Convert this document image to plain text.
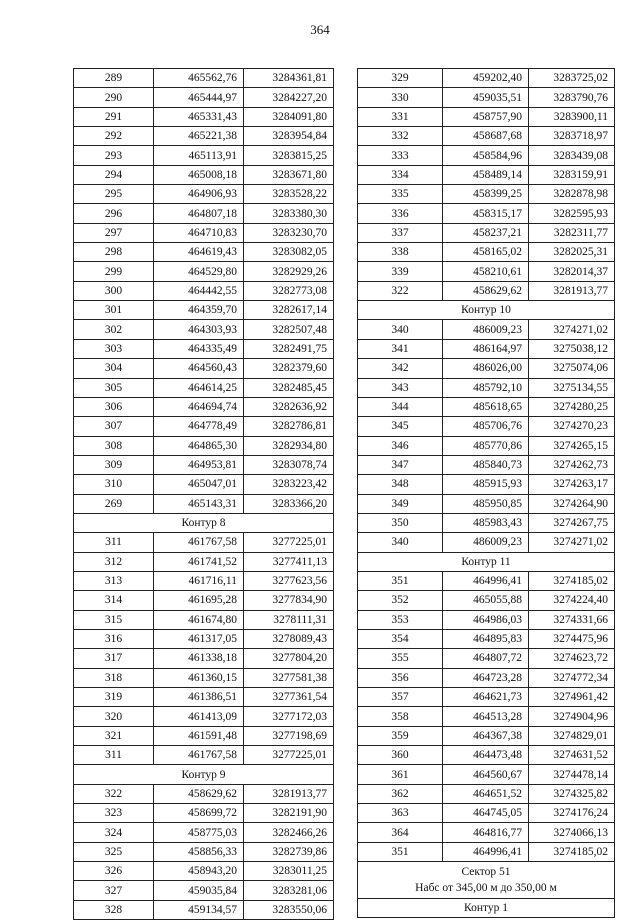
364
289	465562,76	3284361,81
290	465444,97	3284227,20
291	465331,43	3284091,80
292	465221,38	3283954,84
293	465113,91	3283815,25
294	465008,18	3283671,80
295	464906,93	3283528,22
296	464807,18	3283380,30
297	464710,83	3283230,70
298	464619,43	3283082,05
299	464529,80	3282929,26
300	464442,55	3282773,08
301	464359,70	3282617,14
302	464303,93	3282507,48
303	464335,49	3282491,75
304	464560,43	3282379,60
305	464614,25	3282485,45
306	464694,74	3282636,92
307	464778,49	3282786,81
308	464865,30	3282934,80
309	464953,81	3283078,74
310	465047,01	3283223,42
269	465143,31	3283366,20
Контур 8		
311	461767,58	3277225,01
312	461741,52	3277411,13
313	461716,11	3277623,56
314	461695,28	3277834,90
315	461674,80	3278111,31
316	461317,05	3278089,43
317	461338,18	3277804,20
318	461360,15	3277581,38
319	461386,51	3277361,54
320	461413,09	3277172,03
321	461591,48	3277198,69
311	461767,58	3277225,01
Контур 9		
322	458629,62	3281913,77
323	458699,72	3282191,90
324	458775,03	3282466,26
325	458856,33	3282739,86
326	458943,20	3283011,25
327	459035,84	3283281,06
328	459134,57	3283550,06
329	459202,40	3283725,02
330	459035,51	3283790,76
331	458757,90	3283900,11
332	458687,68	3283718,97
333	458584,96	3283439,08
334	458489,14	3283159,91
335	458399,25	3282878,98
336	458315,17	3282595,93
337	458237,21	3282311,77
338	458165,02	3282025,31
339	458210,61	3282014,37
322	458629,62	3281913,77
Контур 10		
340	486009,23	3274271,02
341	486164,97	3275038,12
342	486026,00	3275074,06
343	485792,10	3275134,55
344	485618,65	3274280,25
345	485706,76	3274270,23
346	485770,86	3274265,15
347	485840,73	3274262,73
348	485915,93	3274263,17
349	485950,85	3274264,90
350	485983,43	3274267,75
340	486009,23	3274271,02
Контур 11		
351	464996,41	3274185,02
352	465055,88	3274224,40
353	464986,03	3274331,66
354	464895,83	3274475,96
355	464807,72	3274623,72
356	464723,28	3274772,34
357	464621,73	3274961,42
358	464513,28	3274904,96
359	464367,38	3274829,01
360	464473,48	3274631,52
361	464560,67	3274478,14
362	464651,52	3274325,82
363	464745,05	3274176,24
364	464816,77	3274066,13
351	464996,41	3274185,02

Сектор 51
Набс от 345,00 м до 350,00 м		

Контур 1		
